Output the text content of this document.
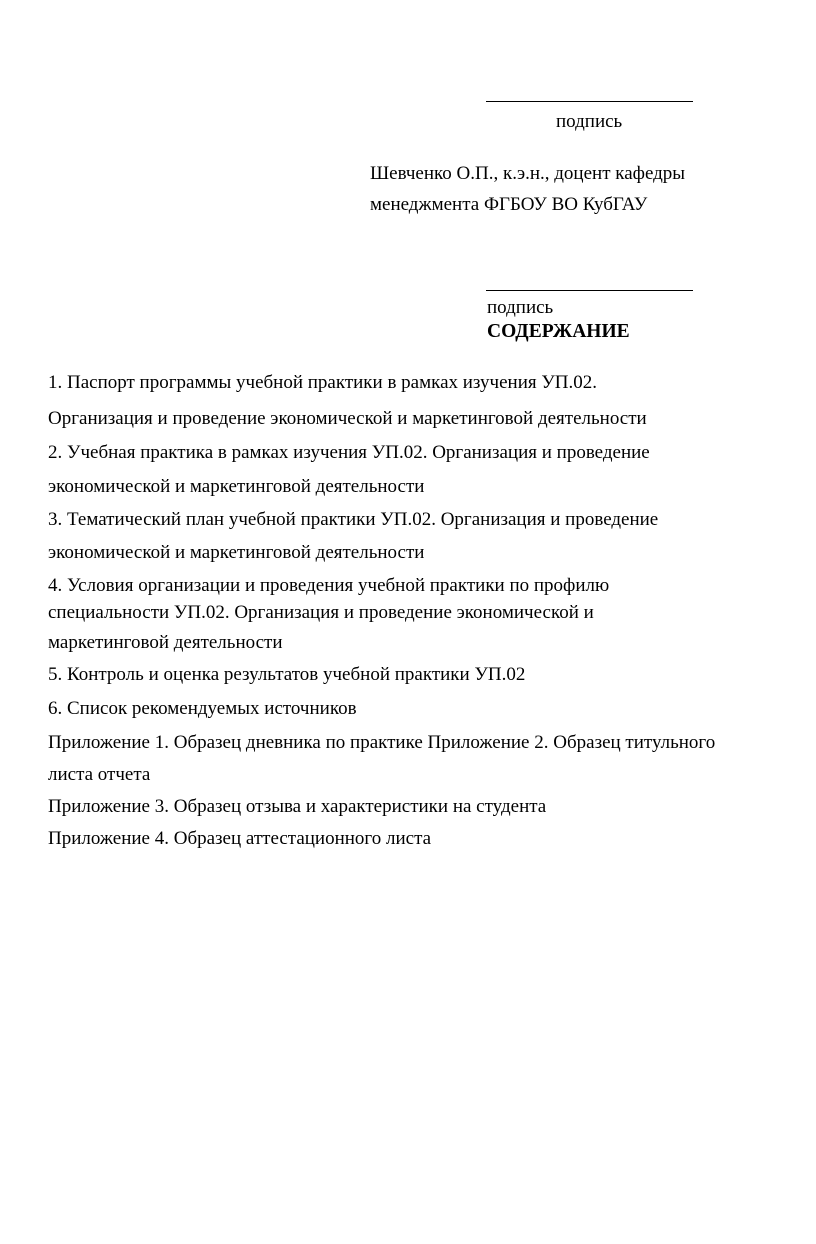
подпись
Шевченко О.П., к.э.н., доцент кафедры
менеджмента ФГБОУ ВО КубГАУ
подпись
СОДЕРЖАНИЕ
1. Паспорт программы учебной практики в рамках изучения УП.02.
Организация и проведение экономической и маркетинговой деятельности
2. Учебная практика в рамках изучения УП.02. Организация и проведение
экономической и маркетинговой деятельности
3. Тематический план учебной практики УП.02. Организация и проведение
экономической и маркетинговой деятельности
4. Условия организации и проведения учебной практики по профилю
специальности УП.02. Организация и проведение экономической и
маркетинговой деятельности
5. Контроль и оценка результатов учебной практики УП.02
6. Список рекомендуемых источников
Приложение 1. Образец дневника по практике Приложение 2. Образец титульного
листа отчета
Приложение 3. Образец отзыва и характеристики на студента
Приложение 4. Образец аттестационного листа
